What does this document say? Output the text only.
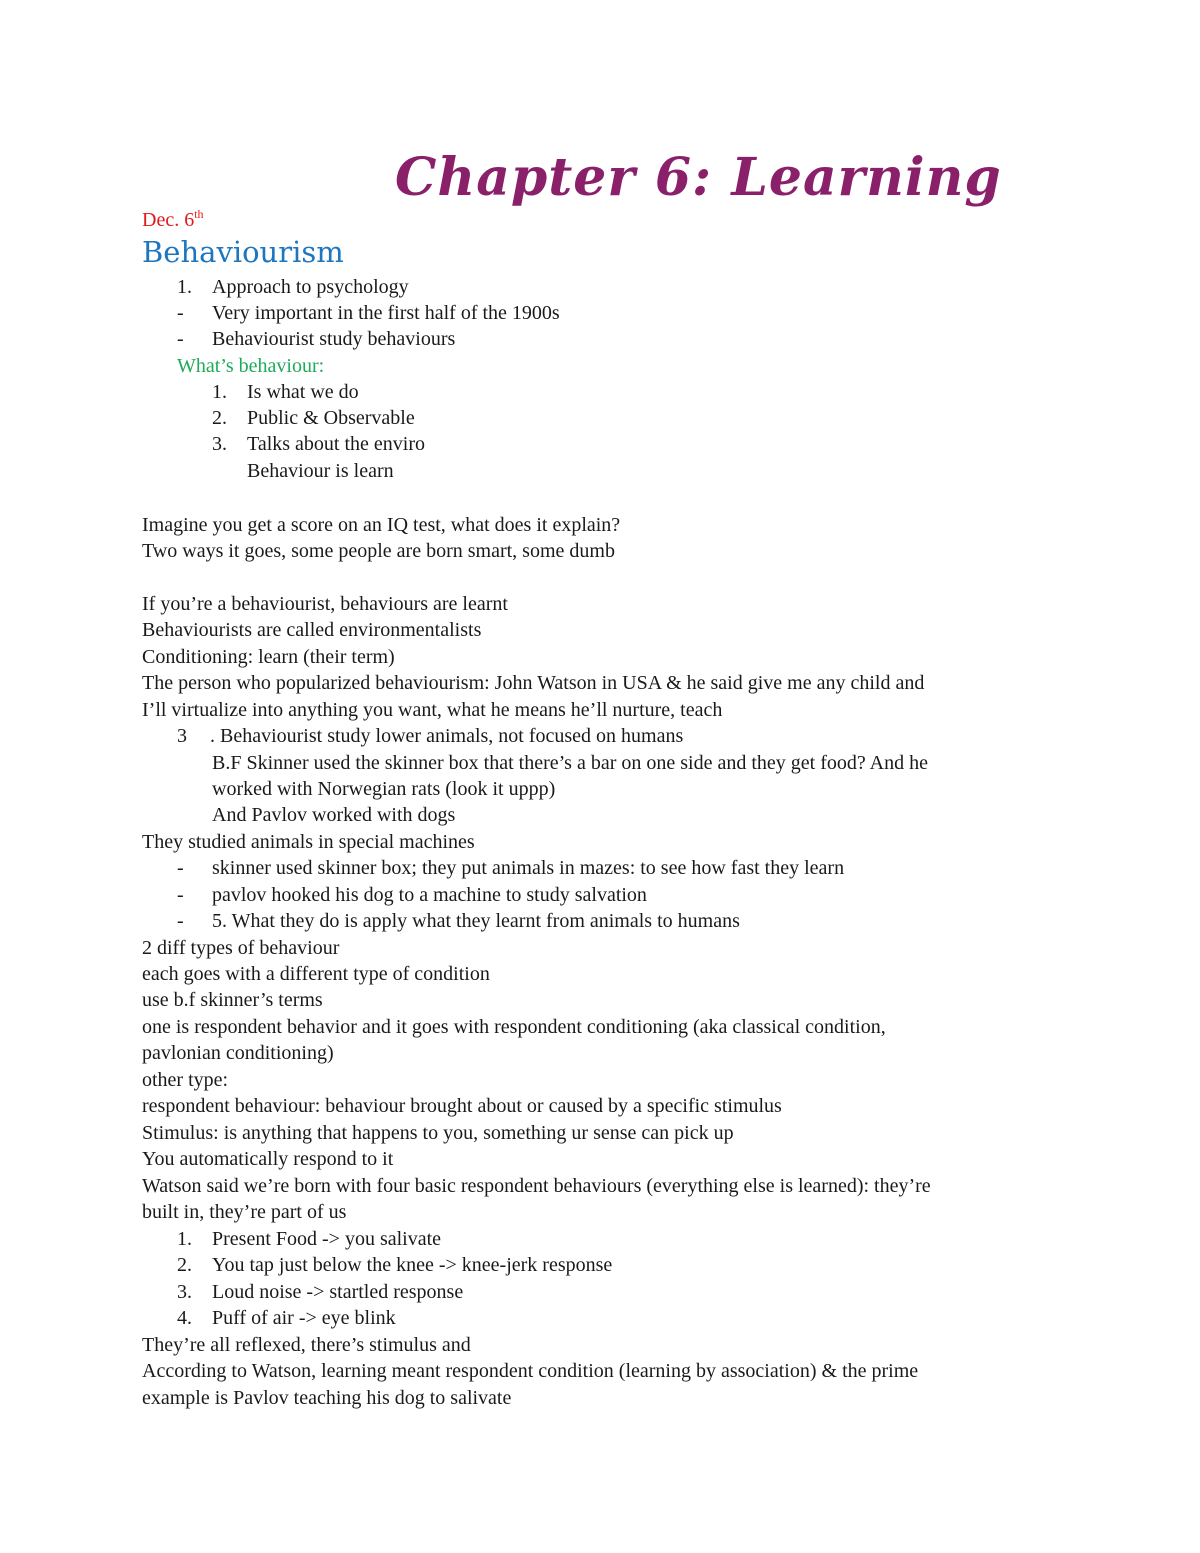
Chapter 6: Learning
Dec. 6th
Behaviourism
1. Approach to psychology
- Very important in the first half of the 1900s
- Behaviourist study behaviours
What’s behaviour:
1. Is what we do
2. Public & Observable
3. Talks about the enviro
Behaviour is learn
Imagine you get a score on an IQ test, what does it explain?
Two ways it goes, some people are born smart, some dumb
If you’re a behaviourist, behaviours are learnt
Behaviourists are called environmentalists
Conditioning: learn (their term)
The person who popularized behaviourism: John Watson in USA & he said give me any child and
I’ll virtualize into anything you want, what he means he’ll nurture, teach
3 . Behaviourist study lower animals, not focused on humans
B.F Skinner used the skinner box that there’s a bar on one side and they get food? And he
worked with Norwegian rats (look it uppp)
And Pavlov worked with dogs
They studied animals in special machines
- skinner used skinner box; they put animals in mazes: to see how fast they learn
- pavlov hooked his dog to a machine to study salvation
- 5. What they do is apply what they learnt from animals to humans
2 diff types of behaviour
each goes with a different type of condition
use b.f skinner’s terms
one is respondent behavior and it goes with respondent conditioning (aka classical condition,
pavlonian conditioning)
other type:
respondent behaviour: behaviour brought about or caused by a specific stimulus
Stimulus: is anything that happens to you, something ur sense can pick up
You automatically respond to it
Watson said we’re born with four basic respondent behaviours (everything else is learned): they’re
built in, they’re part of us
1. Present Food -> you salivate
2. You tap just below the knee -> knee-jerk response
3. Loud noise -> startled response
4. Puff of air -> eye blink
They’re all reflexed, there’s stimulus and
According to Watson, learning meant respondent condition (learning by association) & the prime
example is Pavlov teaching his dog to salivate
